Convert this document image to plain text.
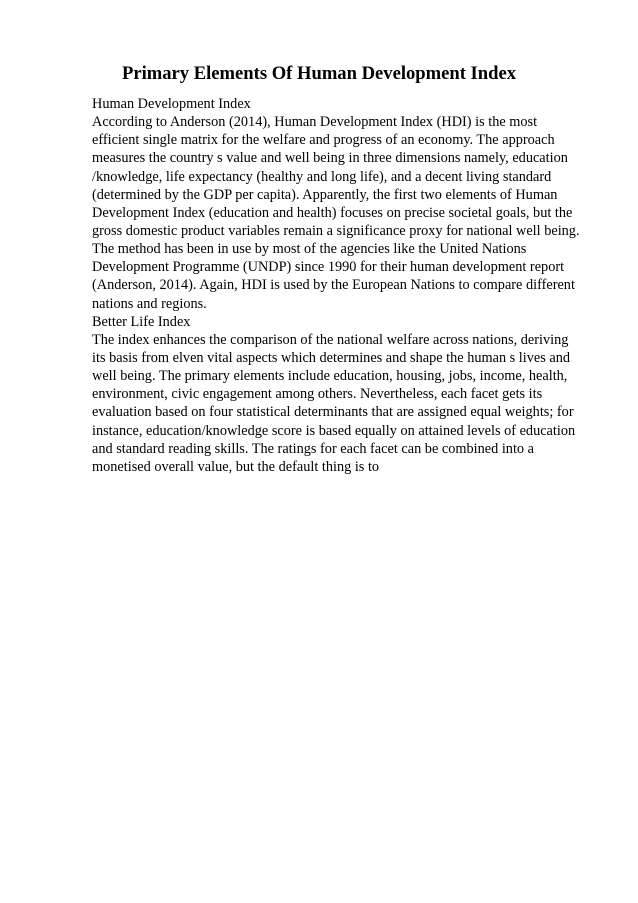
Primary Elements Of Human Development Index
Human Development Index
According to Anderson (2014), Human Development Index (HDI) is the most
efficient single matrix for the welfare and progress of an economy. The approach
measures the country s value and well being in three dimensions namely, education
/knowledge, life expectancy (healthy and long life), and a decent living standard
(determined by the GDP per capita). Apparently, the first two elements of Human
Development Index (education and health) focuses on precise societal goals, but the
gross domestic product variables remain a significance proxy for national well being.
The method has been in use by most of the agencies like the United Nations
Development Programme (UNDP) since 1990 for their human development report
(Anderson, 2014). Again, HDI is used by the European Nations to compare different
nations and regions.
Better Life Index
The index enhances the comparison of the national welfare across nations, deriving
its basis from elven vital aspects which determines and shape the human s lives and
well being. The primary elements include education, housing, jobs, income, health,
environment, civic engagement among others. Nevertheless, each facet gets its
evaluation based on four statistical determinants that are assigned equal weights; for
instance, education/knowledge score is based equally on attained levels of education
and standard reading skills. The ratings for each facet can be combined into a
monetised overall value, but the default thing is to
